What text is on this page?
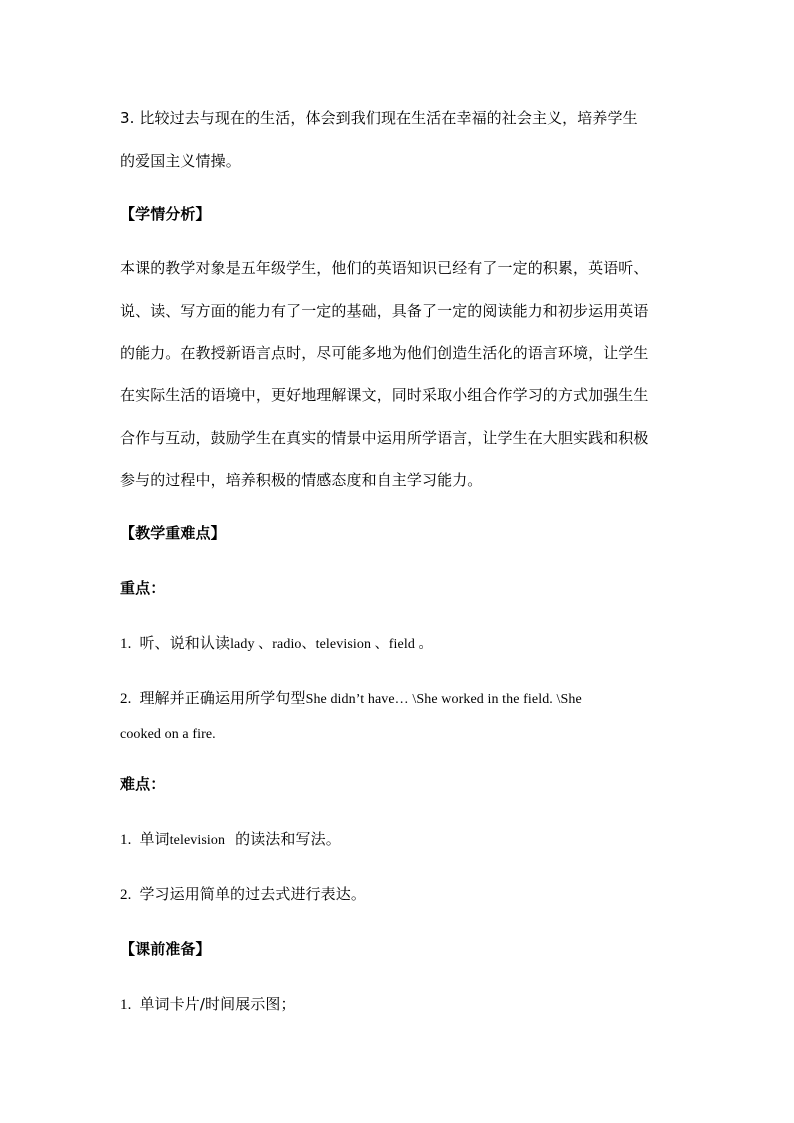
3. 比较过去与现在的生活，体会到我们现在生活在幸福的社会主义，培养学生
的爱国主义情操。
【学情分析】
本课的教学对象是五年级学生，他们的英语知识已经有了一定的积累，英语听、
说、读、写方面的能力有了一定的基础，具备了一定的阅读能力和初步运用英语
的能力。在教授新语言点时，尽可能多地为他们创造生活化的语言环境，让学生
在实际生活的语境中，更好地理解课文，同时采取小组合作学习的方式加强生生
合作与互动，鼓励学生在真实的情景中运用所学语言，让学生在大胆实践和积极
参与的过程中，培养积极的情感态度和自主学习能力。
【教学重难点】
重点：
1. 听、说和认读lady 、radio、television 、field 。
2. 理解并正确运用所学句型She didn’t have… \She worked in the field. \She
cooked on a fire.
难点：
1. 单词television 的读法和写法。
2. 学习运用简单的过去式进行表达。
【课前准备】
1. 单词卡片/时间展示图；
